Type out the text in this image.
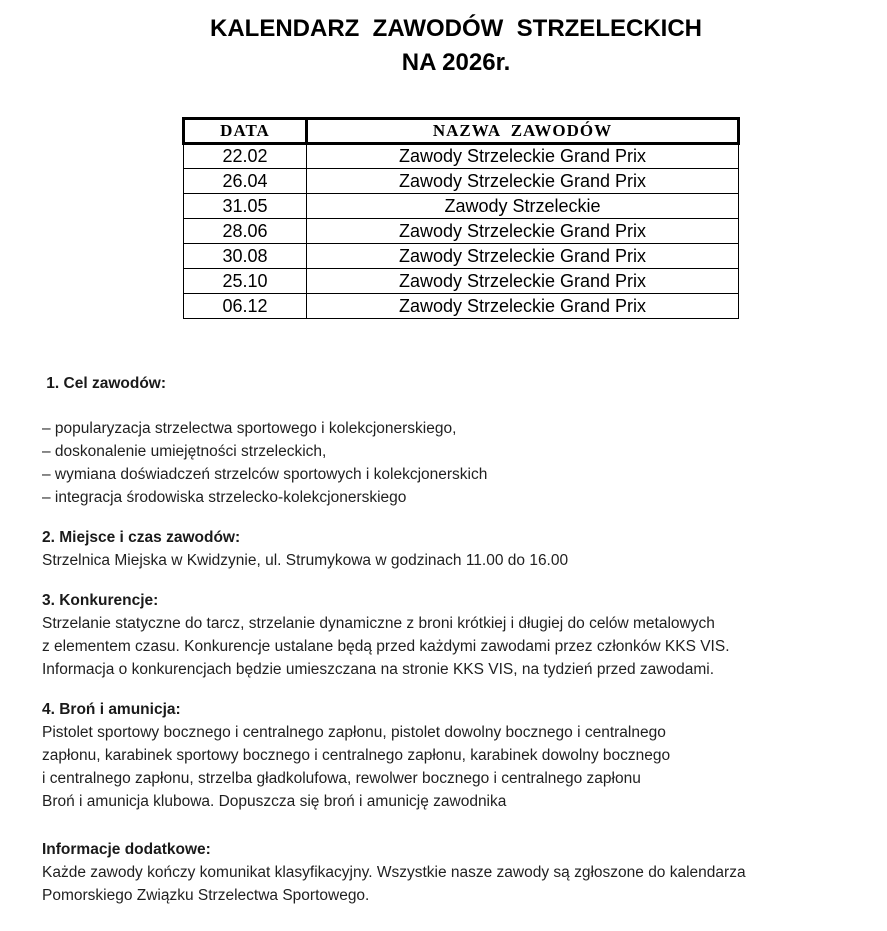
KALENDARZ  ZAWODÓW  STRZELECKICH
NA 2026r.
DATA	NAZWA  ZAWODÓW
22.02	Zawody Strzeleckie Grand Prix
26.04	Zawody Strzeleckie Grand Prix
31.05	Zawody Strzeleckie
28.06	Zawody Strzeleckie Grand Prix
30.08	Zawody Strzeleckie Grand Prix
25.10	Zawody Strzeleckie Grand Prix
06.12	Zawody Strzeleckie Grand Prix
1. Cel zawodów:
– popularyzacja strzelectwa sportowego i kolekcjonerskiego,
– doskonalenie umiejętności strzeleckich,
– wymiana doświadczeń strzelców sportowych i kolekcjonerskich
– integracja środowiska strzelecko-kolekcjonerskiego
2. Miejsce i czas zawodów:
Strzelnica Miejska w Kwidzynie, ul. Strumykowa w godzinach 11.00 do 16.00
3. Konkurencje:
Strzelanie statyczne do tarcz, strzelanie dynamiczne z broni krótkiej i długiej do celów metalowych
z elementem czasu. Konkurencje ustalane będą przed każdymi zawodami przez członków KKS VIS.
Informacja o konkurencjach będzie umieszczana na stronie KKS VIS, na tydzień przed zawodami.
4. Broń i amunicja:
Pistolet sportowy bocznego i centralnego zapłonu, pistolet dowolny bocznego i centralnego
zapłonu, karabinek sportowy bocznego i centralnego zapłonu, karabinek dowolny bocznego
i centralnego zapłonu, strzelba gładkolufowa, rewolwer bocznego i centralnego zapłonu
Broń i amunicja klubowa. Dopuszcza się broń i amunicję zawodnika
Informacje dodatkowe:
Każde zawody kończy komunikat klasyfikacyjny. Wszystkie nasze zawody są zgłoszone do kalendarza
Pomorskiego Związku Strzelectwa Sportowego.
